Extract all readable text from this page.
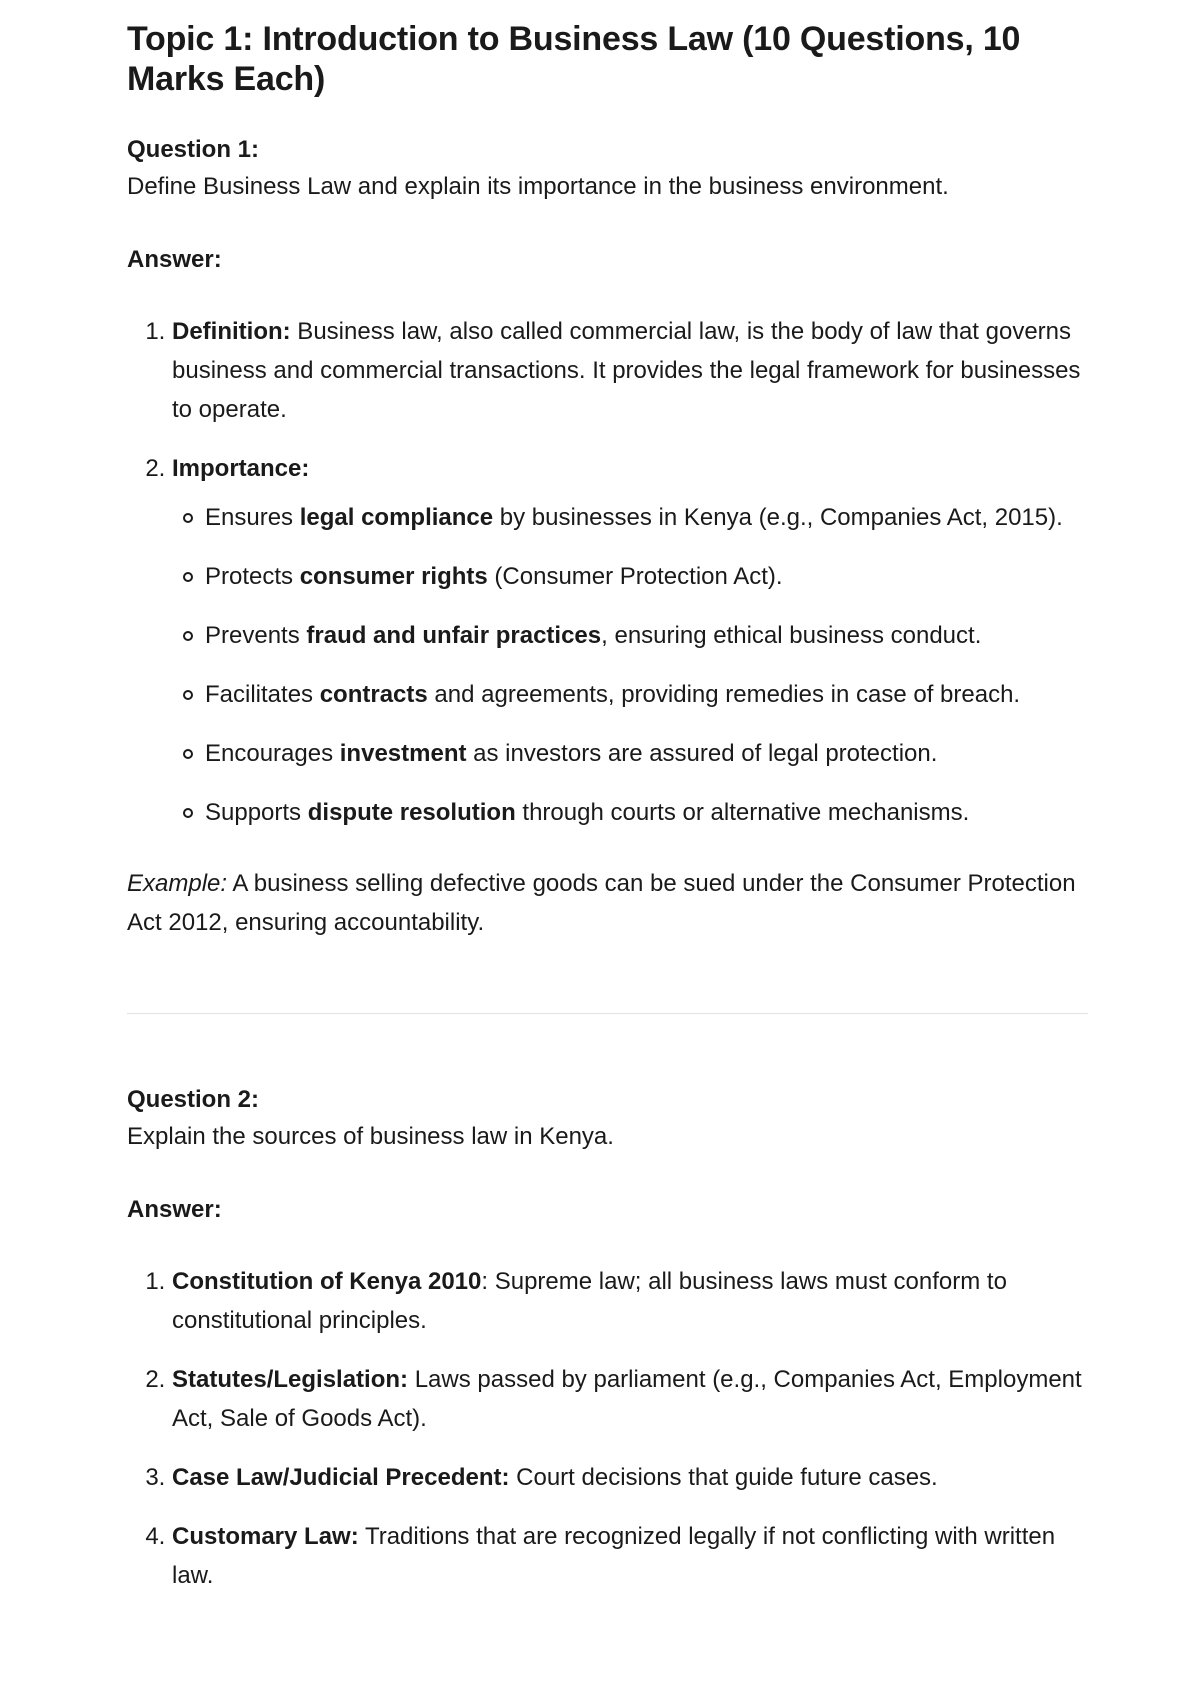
Topic 1: Introduction to Business Law (10 Questions, 10
Marks Each)

Question 1:

Define Business Law and explain its importance in the business environment.

Answer:

1. Definition: Business law, also called commercial law, is the body of law that governs business and commercial transactions. It provides the legal framework for businesses to operate.
2. Importance:
Ensures legal compliance by businesses in Kenya (e.g., Companies Act, 2015).
Protects consumer rights (Consumer Protection Act).
Prevents fraud and unfair practices, ensuring ethical business conduct.
Facilitates contracts and agreements, providing remedies in case of breach.
Encourages investment as investors are assured of legal protection.
Supports dispute resolution through courts or alternative mechanisms.

Example: A business selling defective goods can be sued under the Consumer Protection Act 2012, ensuring accountability.

Question 2:

Explain the sources of business law in Kenya.

Answer:

1. Constitution of Kenya 2010: Supreme law; all business laws must conform to constitutional principles.
2. Statutes/Legislation: Laws passed by parliament (e.g., Companies Act, Employment Act, Sale of Goods Act).
3. Case Law/Judicial Precedent: Court decisions that guide future cases.
4. Customary Law: Traditions that are recognized legally if not conflicting with written law.
